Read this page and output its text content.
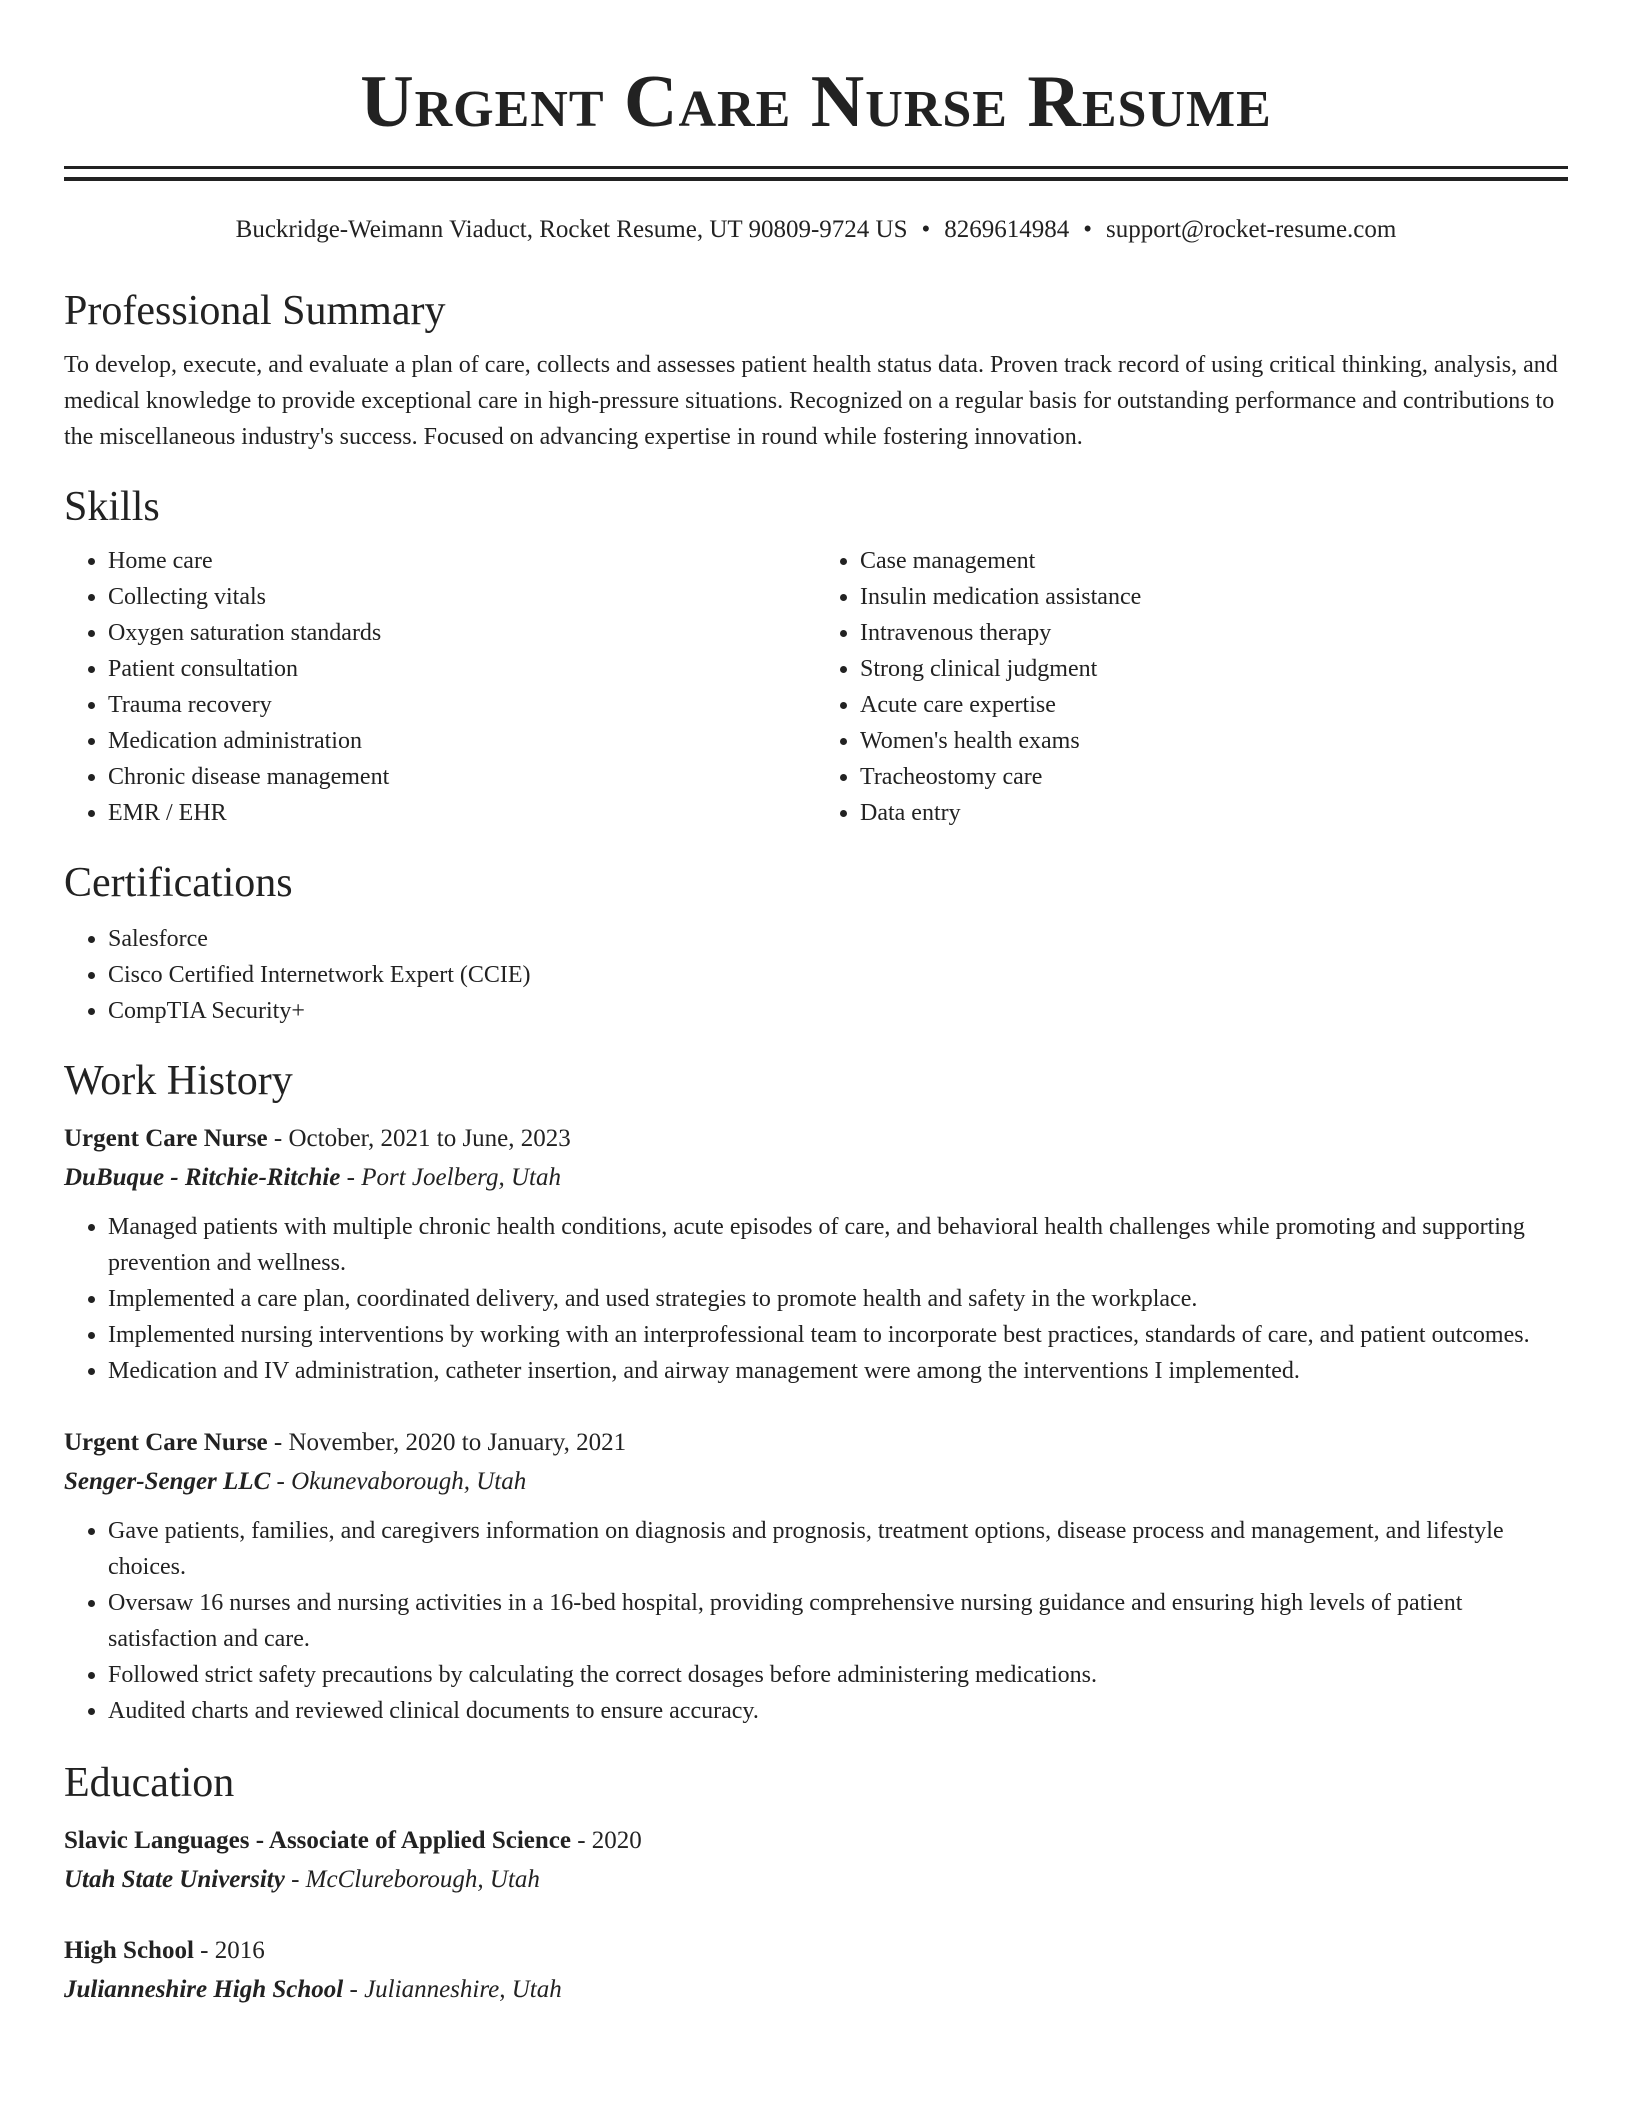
Urgent Care Nurse Resume
Buckridge-Weimann Viaduct, Rocket Resume, UT 90809-9724 US • 8269614984 • support@rocket-resume.com
Professional Summary

To develop, execute, and evaluate a plan of care, collects and assesses patient health status data. Proven track record of using critical thinking, analysis, and medical knowledge to provide exceptional care in high-pressure situations. Recognized on a regular basis for outstanding performance and contributions to the miscellaneous industry's success. Focused on advancing expertise in round while fostering innovation.

Skills
• Home care
• Collecting vitals
• Oxygen saturation standards
• Patient consultation
• Trauma recovery
• Medication administration
• Chronic disease management
• EMR / EHR
• Case management
• Insulin medication assistance
• Intravenous therapy
• Strong clinical judgment
• Acute care expertise
• Women's health exams
• Tracheostomy care
• Data entry
Certifications
• Salesforce
• Cisco Certified Internetwork Expert (CCIE)
• CompTIA Security+
Work History
Urgent Care Nurse - October, 2021 to June, 2023
DuBuque - Ritchie-Ritchie - Port Joelberg, Utah
• Managed patients with multiple chronic health conditions, acute episodes of care, and behavioral health challenges while promoting and supporting prevention and wellness.
• Implemented a care plan, coordinated delivery, and used strategies to promote health and safety in the workplace.
• Implemented nursing interventions by working with an interprofessional team to incorporate best practices, standards of care, and patient outcomes.
• Medication and IV administration, catheter insertion, and airway management were among the interventions I implemented.
Urgent Care Nurse - November, 2020 to January, 2021
Senger-Senger LLC - Okunevaborough, Utah
• Gave patients, families, and caregivers information on diagnosis and prognosis, treatment options, disease process and management, and lifestyle choices.
• Oversaw 16 nurses and nursing activities in a 16-bed hospital, providing comprehensive nursing guidance and ensuring high levels of patient satisfaction and care.
• Followed strict safety precautions by calculating the correct dosages before administering medications.
• Audited charts and reviewed clinical documents to ensure accuracy.
Education
Slavic Languages - Associate of Applied Science - 2020
Utah State University - McClureborough, Utah
High School - 2016
Julianneshire High School - Julianneshire, Utah
